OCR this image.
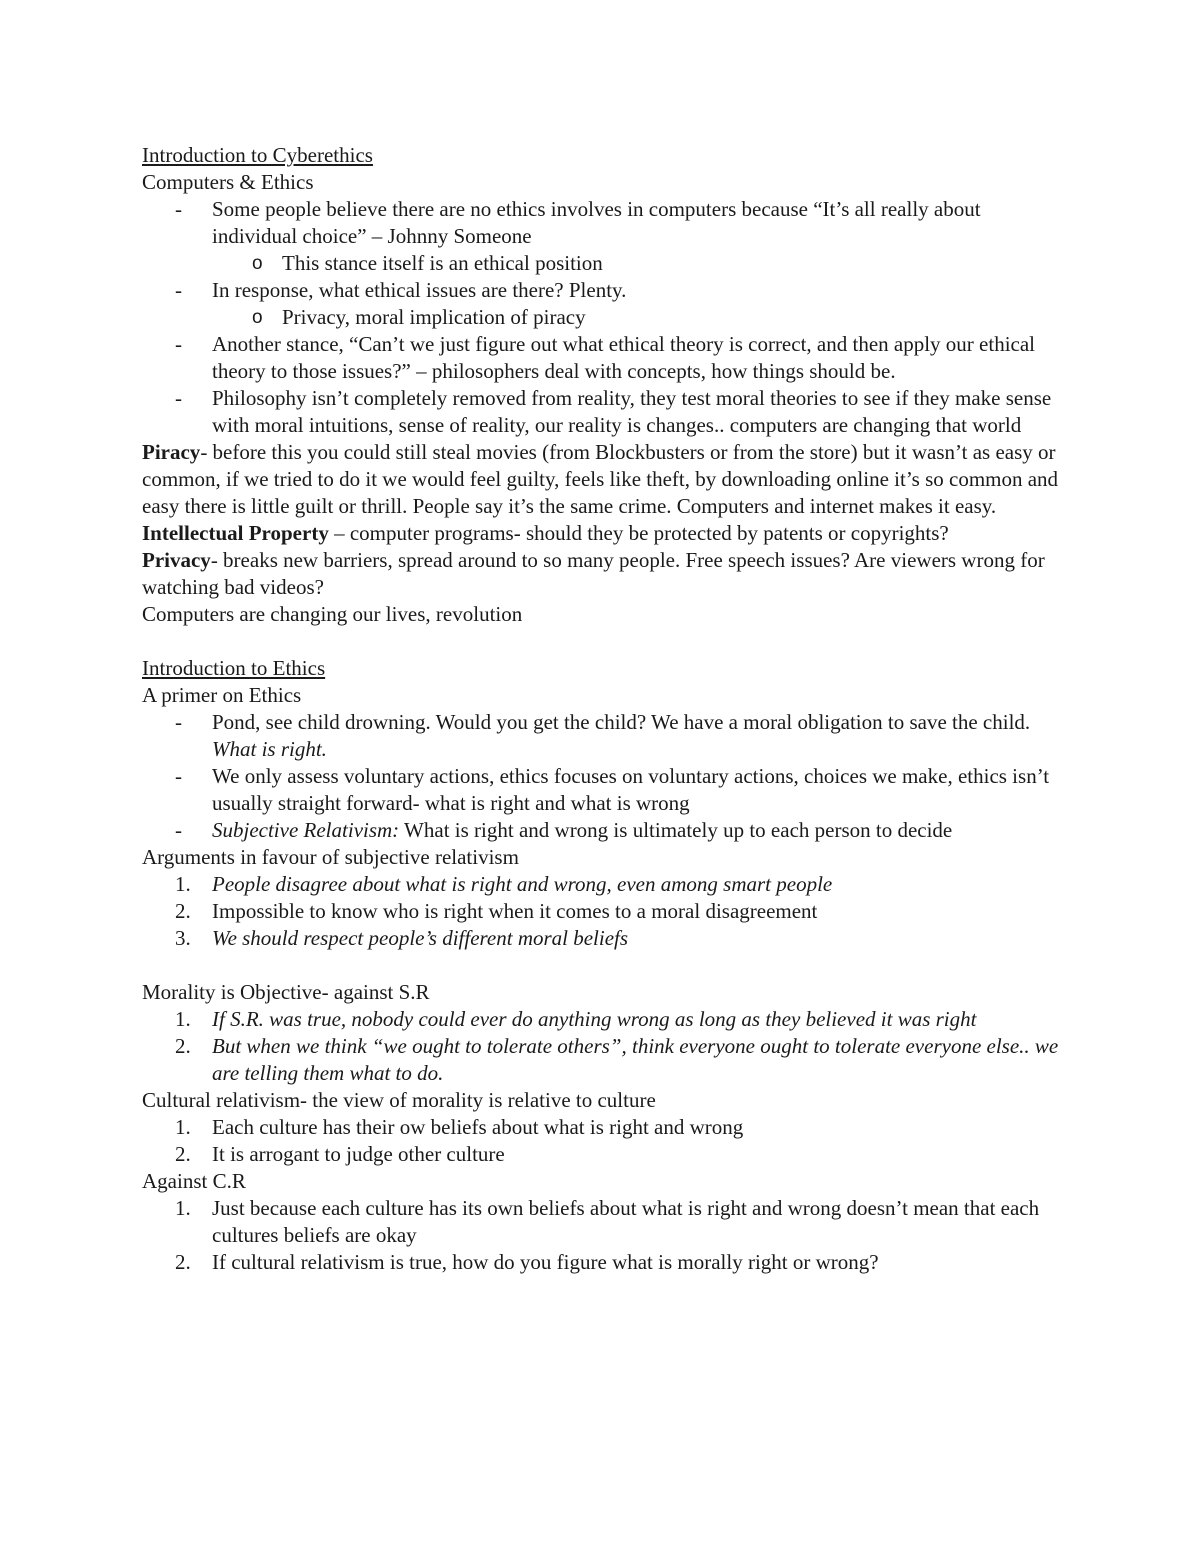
Introduction to Cyberethics
Computers & Ethics
- Some people believe there are no ethics involves in computers because “It’s all really about individual choice” – Johnny Someone
o This stance itself is an ethical position
- In response, what ethical issues are there? Plenty.
o Privacy, moral implication of piracy
- Another stance, “Can’t we just figure out what ethical theory is correct, and then apply our ethical theory to those issues?” – philosophers deal with concepts, how things should be.
- Philosophy isn’t completely removed from reality, they test moral theories to see if they make sense with moral intuitions, sense of reality, our reality is changes.. computers are changing that world
Piracy- before this you could still steal movies (from Blockbusters or from the store) but it wasn’t as easy or common, if we tried to do it we would feel guilty, feels like theft, by downloading online it’s so common and easy there is little guilt or thrill. People say it’s the same crime. Computers and internet makes it easy.
Intellectual Property – computer programs- should they be protected by patents or copyrights?
Privacy- breaks new barriers, spread around to so many people. Free speech issues? Are viewers wrong for watching bad videos?
Computers are changing our lives, revolution
Introduction to Ethics
A primer on Ethics
- Pond, see child drowning. Would you get the child? We have a moral obligation to save the child. What is right.
- We only assess voluntary actions, ethics focuses on voluntary actions, choices we make, ethics isn’t usually straight forward- what is right and what is wrong
- Subjective Relativism: What is right and wrong is ultimately up to each person to decide
Arguments in favour of subjective relativism
1. People disagree about what is right and wrong, even among smart people
2. Impossible to know who is right when it comes to a moral disagreement
3. We should respect people’s different moral beliefs
Morality is Objective- against S.R
1. If S.R. was true, nobody could ever do anything wrong as long as they believed it was right
2. But when we think “we ought to tolerate others”, think everyone ought to tolerate everyone else.. we are telling them what to do.
Cultural relativism- the view of morality is relative to culture
1. Each culture has their ow beliefs about what is right and wrong
2. It is arrogant to judge other culture
Against C.R
1. Just because each culture has its own beliefs about what is right and wrong doesn’t mean that each cultures beliefs are okay
2. If cultural relativism is true, how do you figure what is morally right or wrong?
